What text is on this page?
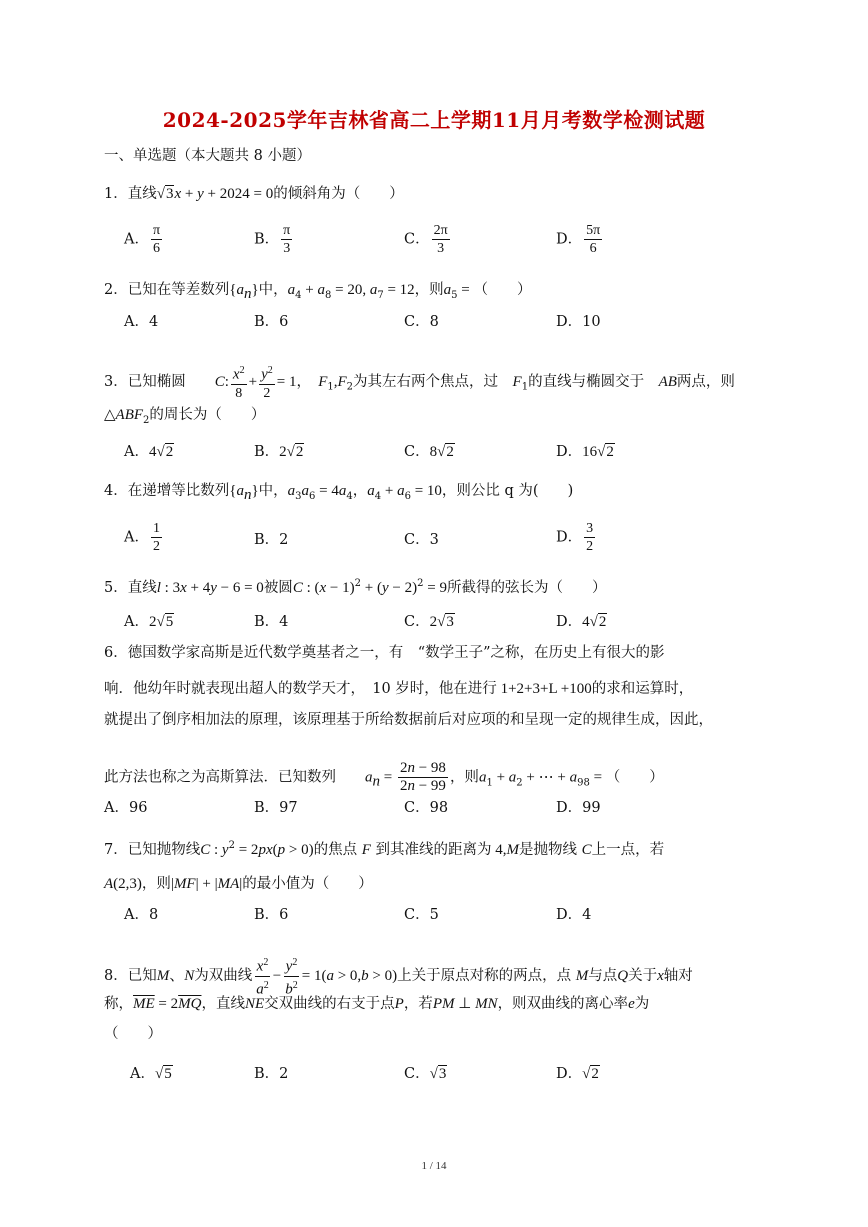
2024-2025学年吉林省高二上学期11月月考数学检测试题
一、单选题（本大题共 8 小题）
1．直线√3x + y + 2024 = 0的倾斜角为（　　）
A． $\frac{\pi}{6}$	B． $\frac{\pi}{3}$	C． $\frac{2\pi}{3}$	D． $\frac{5\pi}{6}$
2．已知在等差数列$\{a_n\}$中，$a_4 + a_8 = 20$, $a_7 = 12$，则$a_5$ = （　　）
A．4	B．6	C．8	D．10
3．已知椭圆　　 C: $\frac{x^2}{8} + \frac{y^2}{2} = 1$，　 $F_1,F_2$为其左右两个焦点，过　 $F_1$的直线与椭圆交于　 AB两点，则
$\triangle ABF_2$的周长为（　　）
A．4√2	B．2√2	C．8√2	D．16√2
4．在递增等比数列$\{a_n\}$中，$a_3a_6 = 4a_4$，$a_4 + a_6 = 10$，则公比 q 为(　　)
A． $\frac{1}{2}$	B．2	C．3	D． $\frac{3}{2}$
5．直线l : 3x + 4y − 6 = 0被圆C : $(x - 1)^2 + (y - 2)^2 = 9$所截得的弦长为（　　）
A．2√5	B．4	C．2√3	D．4√2
6．德国数学家高斯是近代数学奠基者之一，有　“数学王子”之称，在历史上有很大的影
响．他幼年时就表现出超人的数学天才，　10 岁时，他在进行 1+2+3+L +100的求和运算时，
就提出了倒序相加法的原理，该原理基于所给数据前后对应项的和呈现一定的规律生成，因此，
此方法也称之为高斯算法．已知数列　　 $a_n = \frac{2n - 98}{2n - 99}$ ，则$a_1 + a_2$ + ⋯ + $a_{98}$ = （　　）
A．96	B．97	C．98	D．99
7．已知抛物线C : $y^2 = 2px(p > 0)$的焦点 F 到其准线的距离为 4,M是抛物线 C上一点，若
A(2,3)，则|MF| + |MA|的最小值为（　　）
A．8	B．6	C．5	D．4
8．已知M、N为双曲线 $\frac{x^2}{a^2} - \frac{y^2}{b^2} = 1(a > 0,b > 0)$上关于原点对称的两点，点 M与点Q关于x轴对
称，$\overline{ME} = 2\overline{MQ}$，直线NE交双曲线的右支于点P，若PM ⊥ MN，则双曲线的离心率e为
（　　）
A．√5	B．2	C．√3	D．√2
1 / 14
